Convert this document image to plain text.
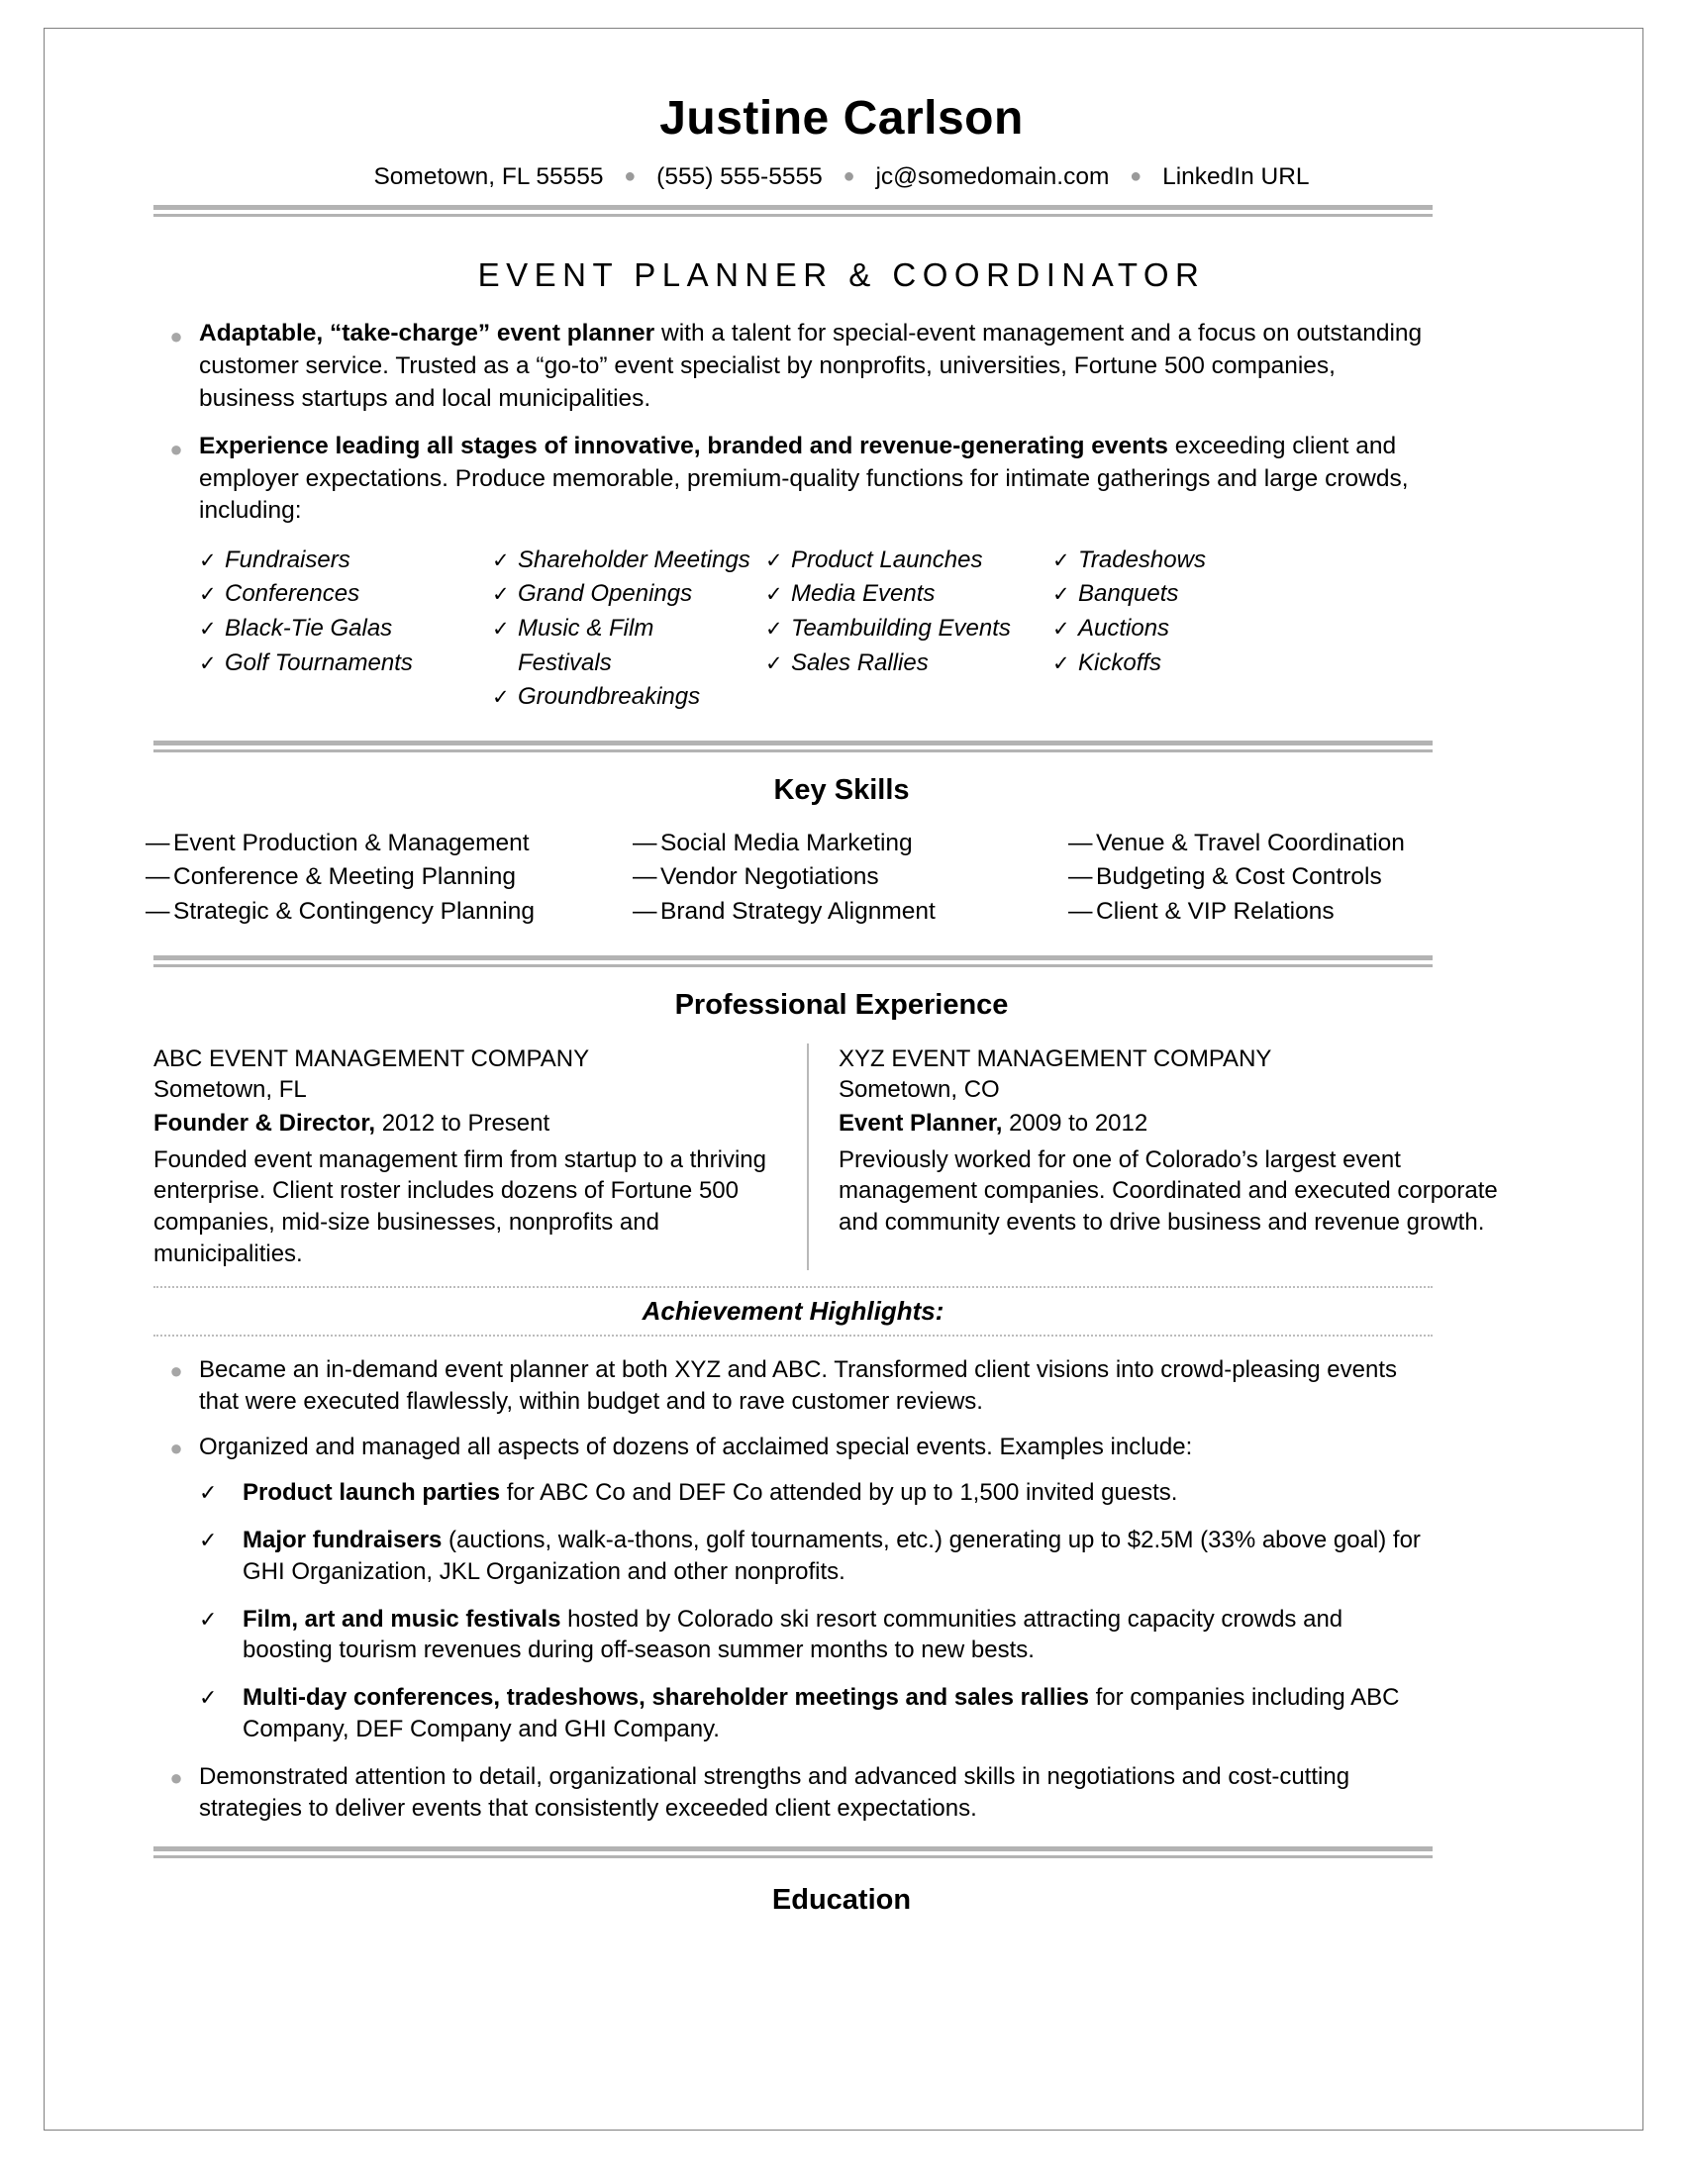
Justine Carlson
Sometown, FL 55555 ● (555) 555-5555 ● jc@somedomain.com ● LinkedIn URL
EVENT PLANNER & COORDINATOR
● Adaptable, “take-charge” event planner with a talent for special-event management and a focus on outstanding customer service. Trusted as a “go-to” event specialist by nonprofits, universities, Fortune 500 companies, business startups and local municipalities.
● Experience leading all stages of innovative, branded and revenue-generating events exceeding client and employer expectations. Produce memorable, premium-quality functions for intimate gatherings and large crowds, including:
✓ Fundraisers
✓ Conferences
✓ Black-Tie Galas
✓ Golf Tournaments
✓ Shareholder Meetings
✓ Grand Openings
✓ Music & Film
Festivals
✓ Groundbreakings
✓ Product Launches
✓ Media Events
✓ Teambuilding Events
✓ Sales Rallies
✓ Tradeshows
✓ Banquets
✓ Auctions
✓ Kickoffs
Key Skills
— Event Production & Management
— Conference & Meeting Planning
— Strategic & Contingency Planning
— Social Media Marketing
— Vendor Negotiations
— Brand Strategy Alignment
— Venue & Travel Coordination
— Budgeting & Cost Controls
— Client & VIP Relations
Professional Experience
ABC EVENT MANAGEMENT COMPANY
Sometown, FL
Founder & Director, 2012 to Present
Founded event management firm from startup to a thriving enterprise. Client roster includes dozens of Fortune 500 companies, mid-size businesses, nonprofits and municipalities.
XYZ EVENT MANAGEMENT COMPANY
Sometown, CO
Event Planner, 2009 to 2012
Previously worked for one of Colorado’s largest event management companies. Coordinated and executed corporate and community events to drive business and revenue growth.
Achievement Highlights:
● Became an in-demand event planner at both XYZ and ABC. Transformed client visions into crowd-pleasing events that were executed flawlessly, within budget and to rave customer reviews.
● Organized and managed all aspects of dozens of acclaimed special events. Examples include:
✓	Product launch parties for ABC Co and DEF Co attended by up to 1,500 invited guests.
✓	Major fundraisers (auctions, walk-a-thons, golf tournaments, etc.) generating up to $2.5M (33% above goal) for GHI Organization, JKL Organization and other nonprofits.
✓	Film, art and music festivals hosted by Colorado ski resort communities attracting capacity crowds and boosting tourism revenues during off-season summer months to new bests.
✓	Multi-day conferences, tradeshows, shareholder meetings and sales rallies for companies including ABC Company, DEF Company and GHI Company.
● Demonstrated attention to detail, organizational strengths and advanced skills in negotiations and cost-cutting strategies to deliver events that consistently exceeded client expectations.
Education
